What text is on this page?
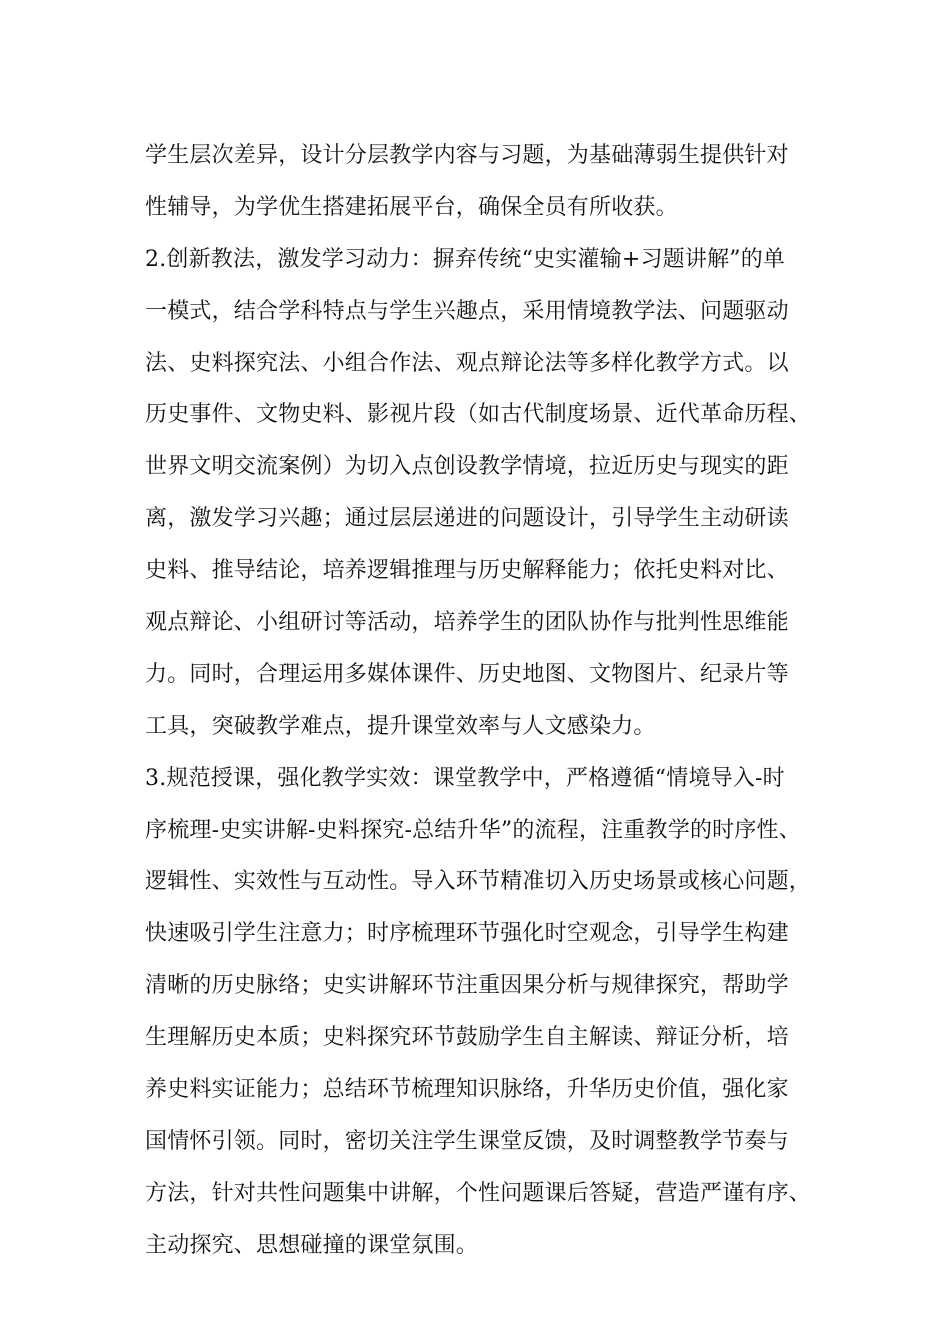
学生层次差异，设计分层教学内容与习题，为基础薄弱生提供针对
性辅导，为学优生搭建拓展平台，确保全员有所收获。
2.创新教法，激发学习动力：摒弃传统“史实灌输+习题讲解”的单
一模式，结合学科特点与学生兴趣点，采用情境教学法、问题驱动
法、史料探究法、小组合作法、观点辩论法等多样化教学方式。以
历史事件、文物史料、影视片段（如古代制度场景、近代革命历程、
世界文明交流案例）为切入点创设教学情境，拉近历史与现实的距
离，激发学习兴趣；通过层层递进的问题设计，引导学生主动研读
史料、推导结论，培养逻辑推理与历史解释能力；依托史料对比、
观点辩论、小组研讨等活动，培养学生的团队协作与批判性思维能
力。同时，合理运用多媒体课件、历史地图、文物图片、纪录片等
工具，突破教学难点，提升课堂效率与人文感染力。
3.规范授课，强化教学实效：课堂教学中，严格遵循“情境导入-时
序梳理-史实讲解-史料探究-总结升华”的流程，注重教学的时序性、
逻辑性、实效性与互动性。导入环节精准切入历史场景或核心问题，
快速吸引学生注意力；时序梳理环节强化时空观念，引导学生构建
清晰的历史脉络；史实讲解环节注重因果分析与规律探究，帮助学
生理解历史本质；史料探究环节鼓励学生自主解读、辩证分析，培
养史料实证能力；总结环节梳理知识脉络，升华历史价值，强化家
国情怀引领。同时，密切关注学生课堂反馈，及时调整教学节奏与
方法，针对共性问题集中讲解，个性问题课后答疑，营造严谨有序、
主动探究、思想碰撞的课堂氛围。
